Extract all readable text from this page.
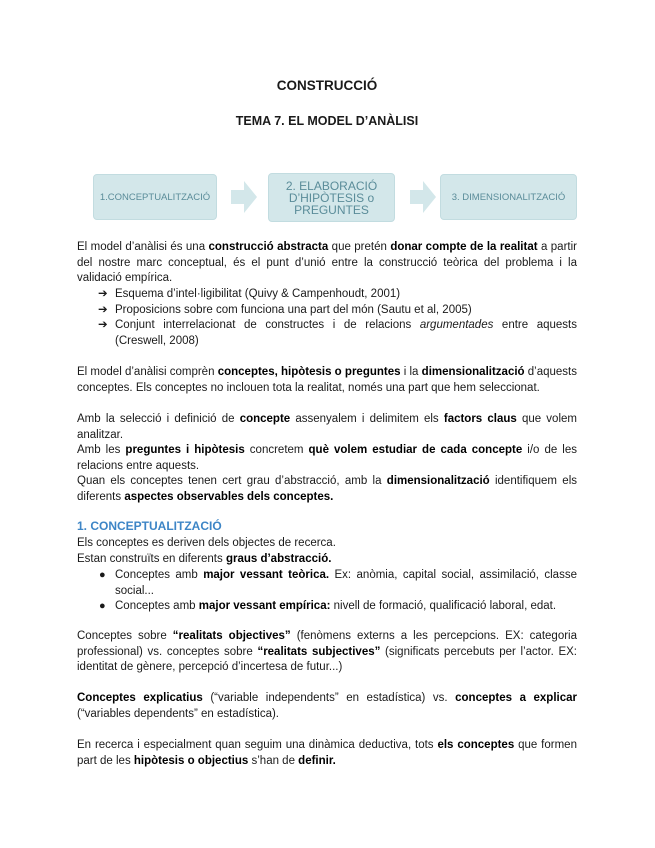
CONSTRUCCIÓ
TEMA 7. EL MODEL D’ANÀLISI
1.CONCEPTUALITZACIÓ
2. ELABORACIÓ
D’HIPÒTESIS o
PREGUNTES
3. DIMENSIONALITZACIÓ
El model d’anàlisi és una construcció abstracta que pretén donar compte de la realitat a partir del nostre marc conceptual, és el punt d’unió entre la construcció teòrica del problema i la validació empírica.
➔ Esquema d’intel·ligibilitat (Quivy & Campenhoudt, 2001)
➔ Proposicions sobre com funciona una part del món (Sautu et al, 2005)
➔ Conjunt interrelacionat de constructes i de relacions argumentades entre aquests (Creswell, 2008)
El model d’anàlisi comprèn conceptes, hipòtesis o preguntes i la dimensionalització d’aquests conceptes. Els conceptes no inclouen tota la realitat, només una part que hem seleccionat.
Amb la selecció i definició de concepte assenyalem i delimitem els factors claus que volem analitzar.
Amb les preguntes i hipòtesis concretem què volem estudiar de cada concepte i/o de les relacions entre aquests.
Quan els conceptes tenen cert grau d’abstracció, amb la dimensionalització identifiquem els diferents aspectes observables dels conceptes.
1. CONCEPTUALITZACIÓ
Els conceptes es deriven dels objectes de recerca.
Estan construïts en diferents graus d’abstracció.
● Conceptes amb major vessant teòrica. Ex: anòmia, capital social, assimilació, classe social...
● Conceptes amb major vessant empírica: nivell de formació, qualificació laboral, edat.
Conceptes sobre “realitats objectives” (fenòmens externs a les percepcions. EX: categoria professional) vs. conceptes sobre “realitats subjectives” (significats percebuts per l’actor. EX: identitat de gènere, percepció d’incertesa de futur...)
Conceptes explicatius (“variable independents” en estadística) vs. conceptes a explicar (“variables dependents” en estadística).
En recerca i especialment quan seguim una dinàmica deductiva, tots els conceptes que formen part de les hipòtesis o objectius s’han de definir.
